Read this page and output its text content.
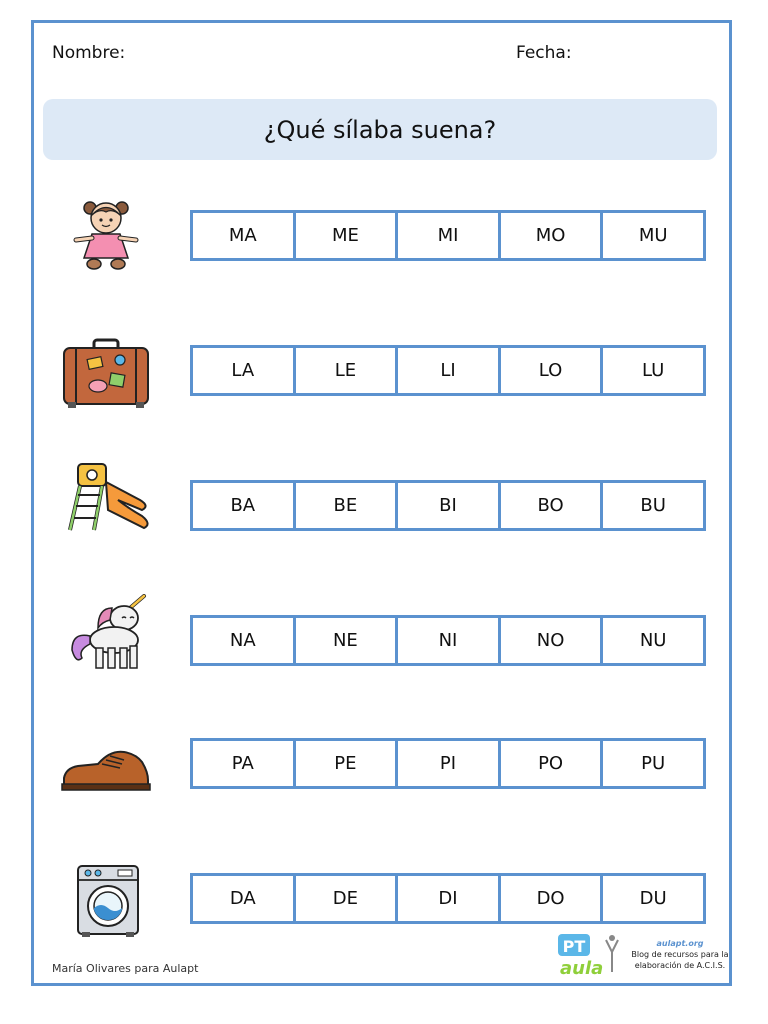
Nombre:	Fecha:
¿Qué sílaba suena?
MA	ME	MI	MO	MU
LA	LE	LI	LO	LU
BA	BE	BI	BO	BU
NA	NE	NI	NO	NU
PA	PE	PI	PO	PU
DA	DE	DI	DO	DU
María Olivares para Aulapt
PT
aula
aulapt.org
Blog de recursos para la
elaboración de A.C.I.S.
